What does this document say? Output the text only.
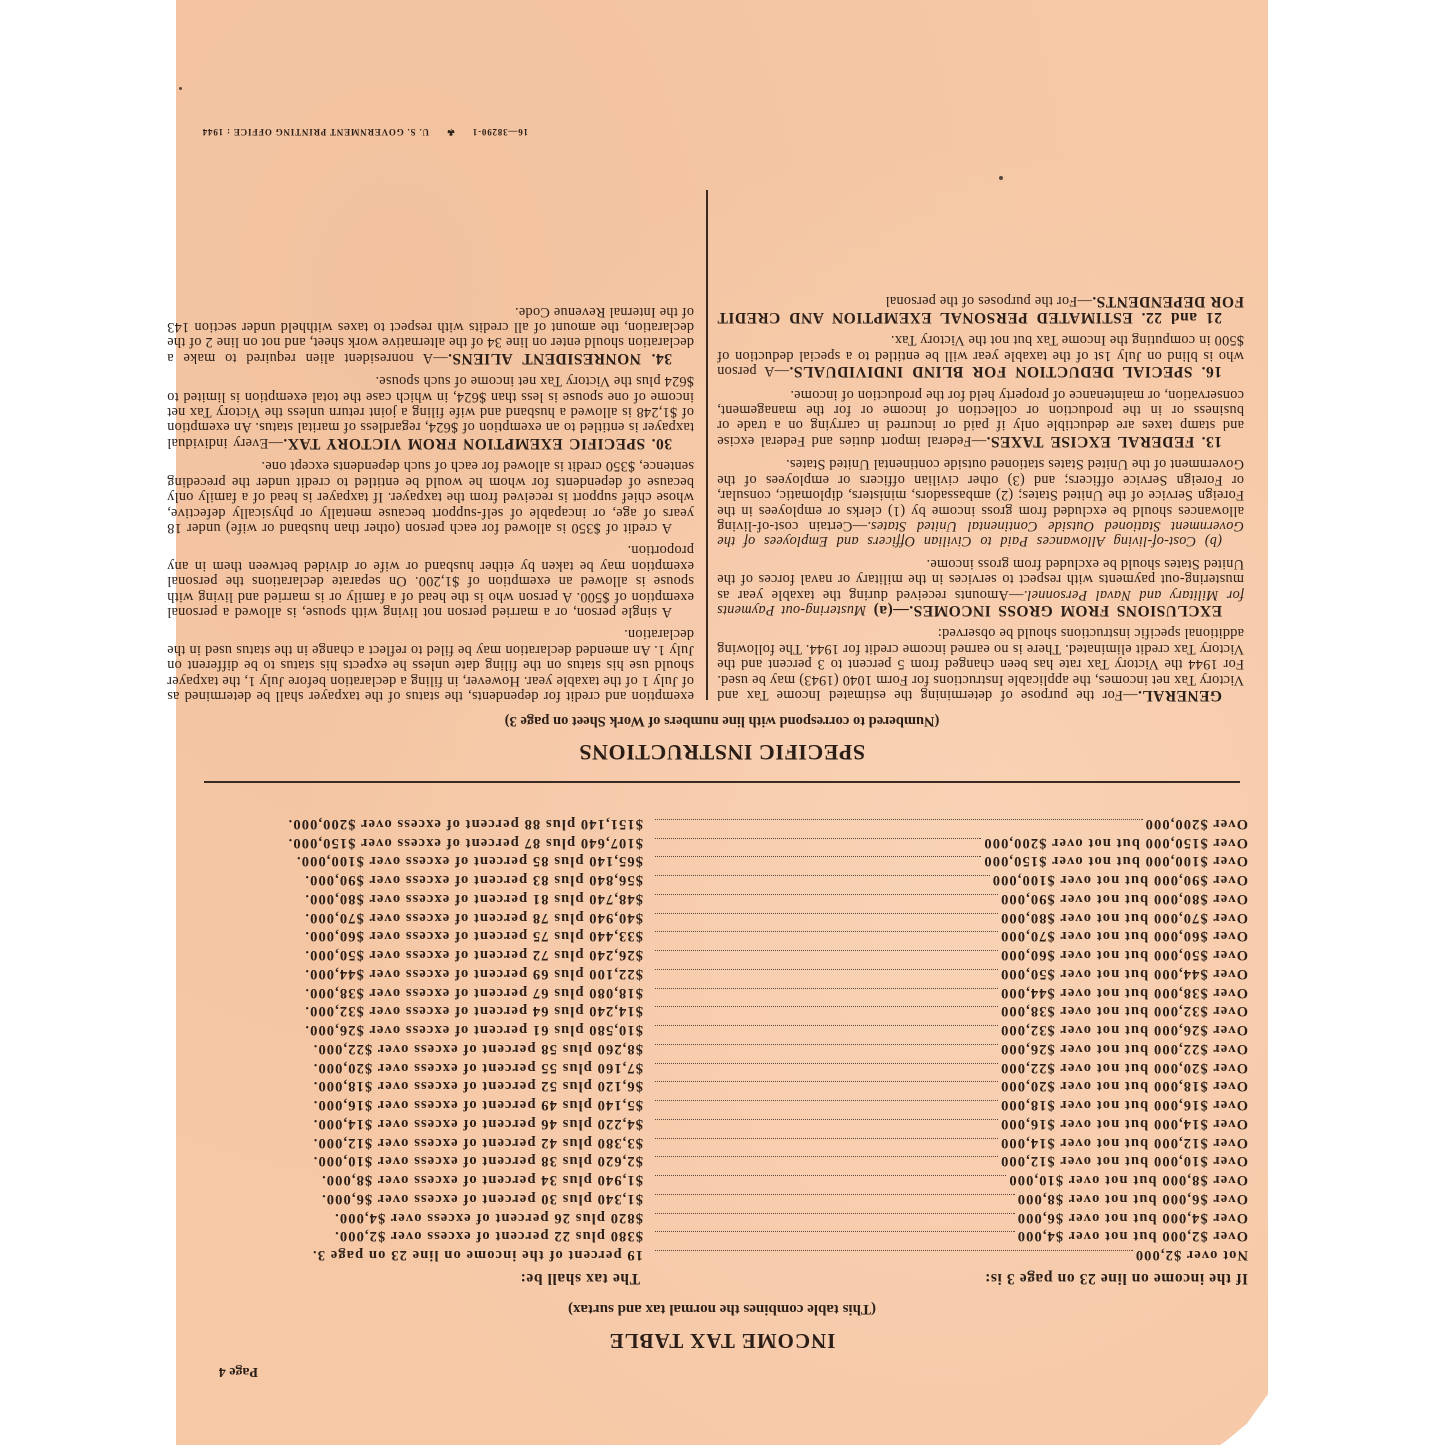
Page 4
INCOME TAX TABLE
(This table combines the normal tax and surtax)
If the income on line 23 on page 3 is:
The tax shall be:
Not over $2,000
19 percent of the income on line 23 on page 3.
Over $2,000 but not over $4,000
$380 plus 22 percent of excess over $2,000.
Over $4,000 but not over $6,000
$820 plus 26 percent of excess over $4,000.
Over $6,000 but not over $8,000
$1,340 plus 30 percent of excess over $6,000.
Over $8,000 but not over $10,000
$1,940 plus 34 percent of excess over $8,000.
Over $10,000 but not over $12,000
$2,620 plus 38 percent of excess over $10,000.
Over $12,000 but not over $14,000
$3,380 plus 42 percent of excess over $12,000.
Over $14,000 but not over $16,000
$4,220 plus 46 percent of excess over $14,000.
Over $16,000 but not over $18,000
$5,140 plus 49 percent of excess over $16,000.
Over $18,000 but not over $20,000
$6,120 plus 52 percent of excess over $18,000.
Over $20,000 but not over $22,000
$7,160 plus 55 percent of excess over $20,000.
Over $22,000 but not over $26,000
$8,260 plus 58 percent of excess over $22,000.
Over $26,000 but not over $32,000
$10,580 plus 61 percent of excess over $26,000.
Over $32,000 but not over $38,000
$14,240 plus 64 percent of excess over $32,000.
Over $38,000 but not over $44,000
$18,080 plus 67 percent of excess over $38,000.
Over $44,000 but not over $50,000
$22,100 plus 69 percent of excess over $44,000.
Over $50,000 but not over $60,000
$26,240 plus 72 percent of excess over $50,000.
Over $60,000 but not over $70,000
$33,440 plus 75 percent of excess over $60,000.
Over $70,000 but not over $80,000
$40,940 plus 78 percent of excess over $70,000.
Over $80,000 but not over $90,000
$48,740 plus 81 percent of excess over $80,000.
Over $90,000 but not over $100,000
$56,840 plus 83 percent of excess over $90,000.
Over $100,000 but not over $150,000
$65,140 plus 85 percent of excess over $100,000.
Over $150,000 but not over $200,000
$107,640 plus 87 percent of excess over $150,000.
Over $200,000
$151,140 plus 88 percent of excess over $200,000.
SPECIFIC INSTRUCTIONS
(Numbered to correspond with line numbers of Work Sheet on page 3)

GENERAL.—For the purpose of determining the estimated Income Tax and Victory Tax net incomes, the applicable Instructions for Form 1040 (1943) may be used. For 1944 the Victory Tax rate has been changed from 5 percent to 3 percent and the Victory Tax credit eliminated. There is no earned income credit for 1944. The following additional specific instructions should be observed:

EXCLUSIONS FROM GROSS INCOMES.—(a) Mustering-out Payments for Military and Naval Personnel.—Amounts received during the taxable year as mustering-out payments with respect to services in the military or naval forces of the United States should be excluded from gross income.

(b) Cost-of-living Allowances Paid to Civilian Officers and Employees of the Government Stationed Outside Continental United States.—Certain cost-of-living allowances should be excluded from gross income by (1) clerks or employees in the Foreign Service of the United States; (2) ambassadors, ministers, diplomatic, consular, or Foreign Service officers; and (3) other civilian officers or employees of the Government of the United States stationed outside continental United States.

13. FEDERAL EXCISE TAXES.—Federal import duties and Federal excise and stamp taxes are deductible only if paid or incurred in carrying on a trade or business or in the production or collection of income or for the management, conservation, or maintenance of property held for the production of income.

16. SPECIAL DEDUCTION FOR BLIND INDIVIDUALS.—A person who is blind on July 1st of the taxable year will be entitled to a special deduction of $500 in computing the Income Tax but not the Victory Tax.

21 and 22. ESTIMATED PERSONAL EXEMPTION AND CREDIT FOR DEPENDENTS.—For the purposes of the personal

exemption and credit for dependents, the status of the taxpayer shall be determined as of July 1 of the taxable year. However, in filing a declaration before July 1, the taxpayer should use his status on the filing date unless he expects his status to be different on July 1. An amended declaration may be filed to reflect a change in the status used in the declaration.

A single person, or a married person not living with spouse, is allowed a personal exemption of $500. A person who is the head of a family or is married and living with spouse is allowed an exemption of $1,200. On separate declarations the personal exemption may be taken by either husband or wife or divided between them in any proportion.

A credit of $350 is allowed for each person (other than husband or wife) under 18 years of age, or incapable of self-support because mentally or physically defective, whose chief support is received from the taxpayer. If taxpayer is head of a family only because of dependents for whom he would be entitled to credit under the preceding sentence, $350 credit is allowed for each of such dependents except one.

30. SPECIFIC EXEMPTION FROM VICTORY TAX.—Every individual taxpayer is entitled to an exemption of $624, regardless of marital status. An exemption of $1,248 is allowed a husband and wife filing a joint return unless the Victory Tax net income of one spouse is less than $624, in which case the total exemption is limited to $624 plus the Victory Tax net income of such spouse.

34. NONRESIDENT ALIENS.—A nonresident alien required to make a declaration should enter on line 34 of the alternative work sheet, and not on line 2 of the declaration, the amount of all credits with respect to taxes withheld under section 143 of the Internal Revenue Code.

16—38290-1 ☘ U. S. GOVERNMENT PRINTING OFFICE : 1944
